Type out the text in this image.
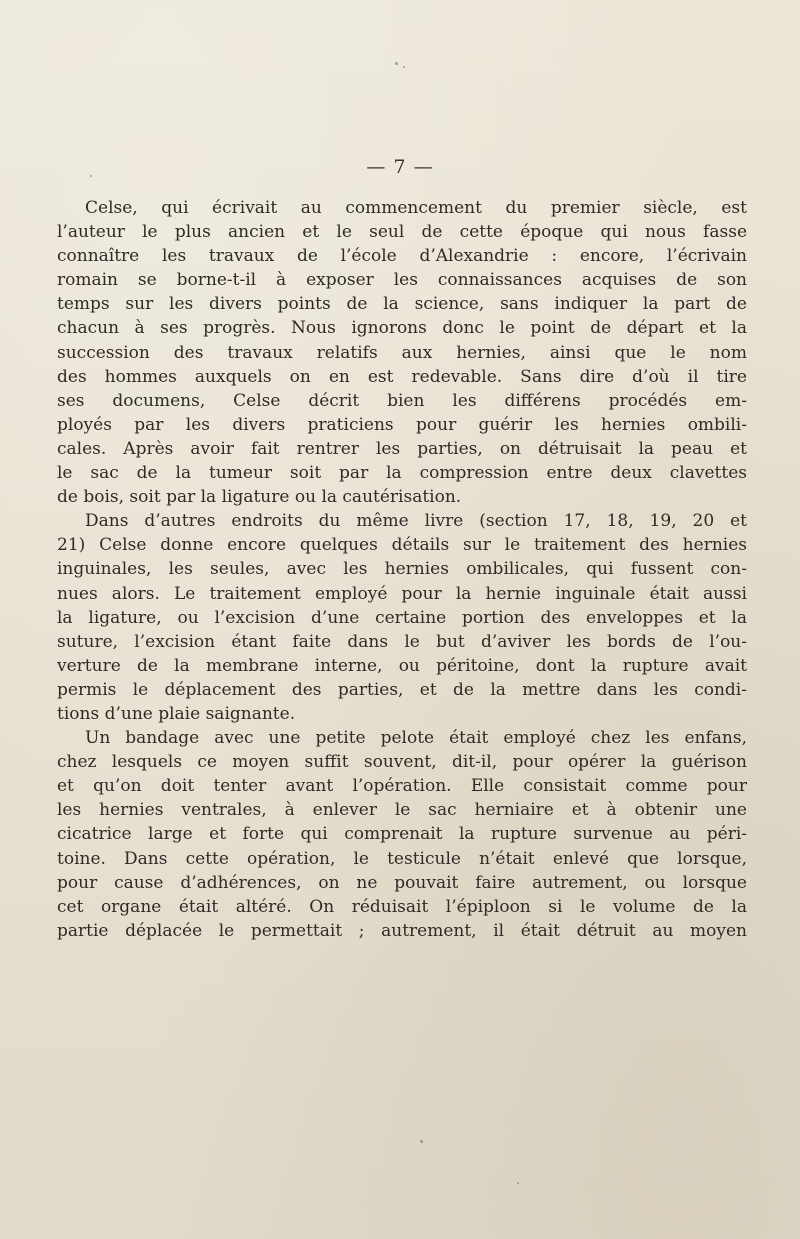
— 7 —

Celse, qui écrivait au commencement du premier siècle, est
l’auteur le plus ancien et le seul de cette époque qui nous fasse
connaître les travaux de l’école d’Alexandrie : encore, l’écrivain
romain se borne-t-il à exposer les connaissances acquises de son
temps sur les divers points de la science, sans indiquer la part de
chacun à ses progrès. Nous ignorons donc le point de départ et la
succession des travaux relatifs aux hernies, ainsi que le nom
des hommes auxquels on en est redevable. Sans dire d’où il tire
ses documens, Celse décrit bien les différens procédés em-
ployés par les divers praticiens pour guérir les hernies ombili-
cales. Après avoir fait rentrer les parties, on détruisait la peau et
le sac de la tumeur soit par la compression entre deux clavettes
de bois, soit par la ligature ou la cautérisation.

Dans d’autres endroits du même livre (section 17, 18, 19, 20 et
21) Celse donne encore quelques détails sur le traitement des hernies
inguinales, les seules, avec les hernies ombilicales, qui fussent con-
nues alors. Le traitement employé pour la hernie inguinale était aussi
la ligature, ou l’excision d’une certaine portion des enveloppes et la
suture, l’excision étant faite dans le but d’aviver les bords de l’ou-
verture de la membrane interne, ou péritoine, dont la rupture avait
permis le déplacement des parties, et de la mettre dans les condi-
tions d’une plaie saignante.

Un bandage avec une petite pelote était employé chez les enfans,
chez lesquels ce moyen suffit souvent, dit-il, pour opérer la guérison
et qu’on doit tenter avant l’opération. Elle consistait comme pour
les hernies ventrales, à enlever le sac herniaire et à obtenir une
cicatrice large et forte qui comprenait la rupture survenue au péri-
toine. Dans cette opération, le testicule n’était enlevé que lorsque,
pour cause d’adhérences, on ne pouvait faire autrement, ou lorsque
cet organe était altéré. On réduisait l’épiploon si le volume de la
partie déplacée le permettait ; autrement, il était détruit au moyen
